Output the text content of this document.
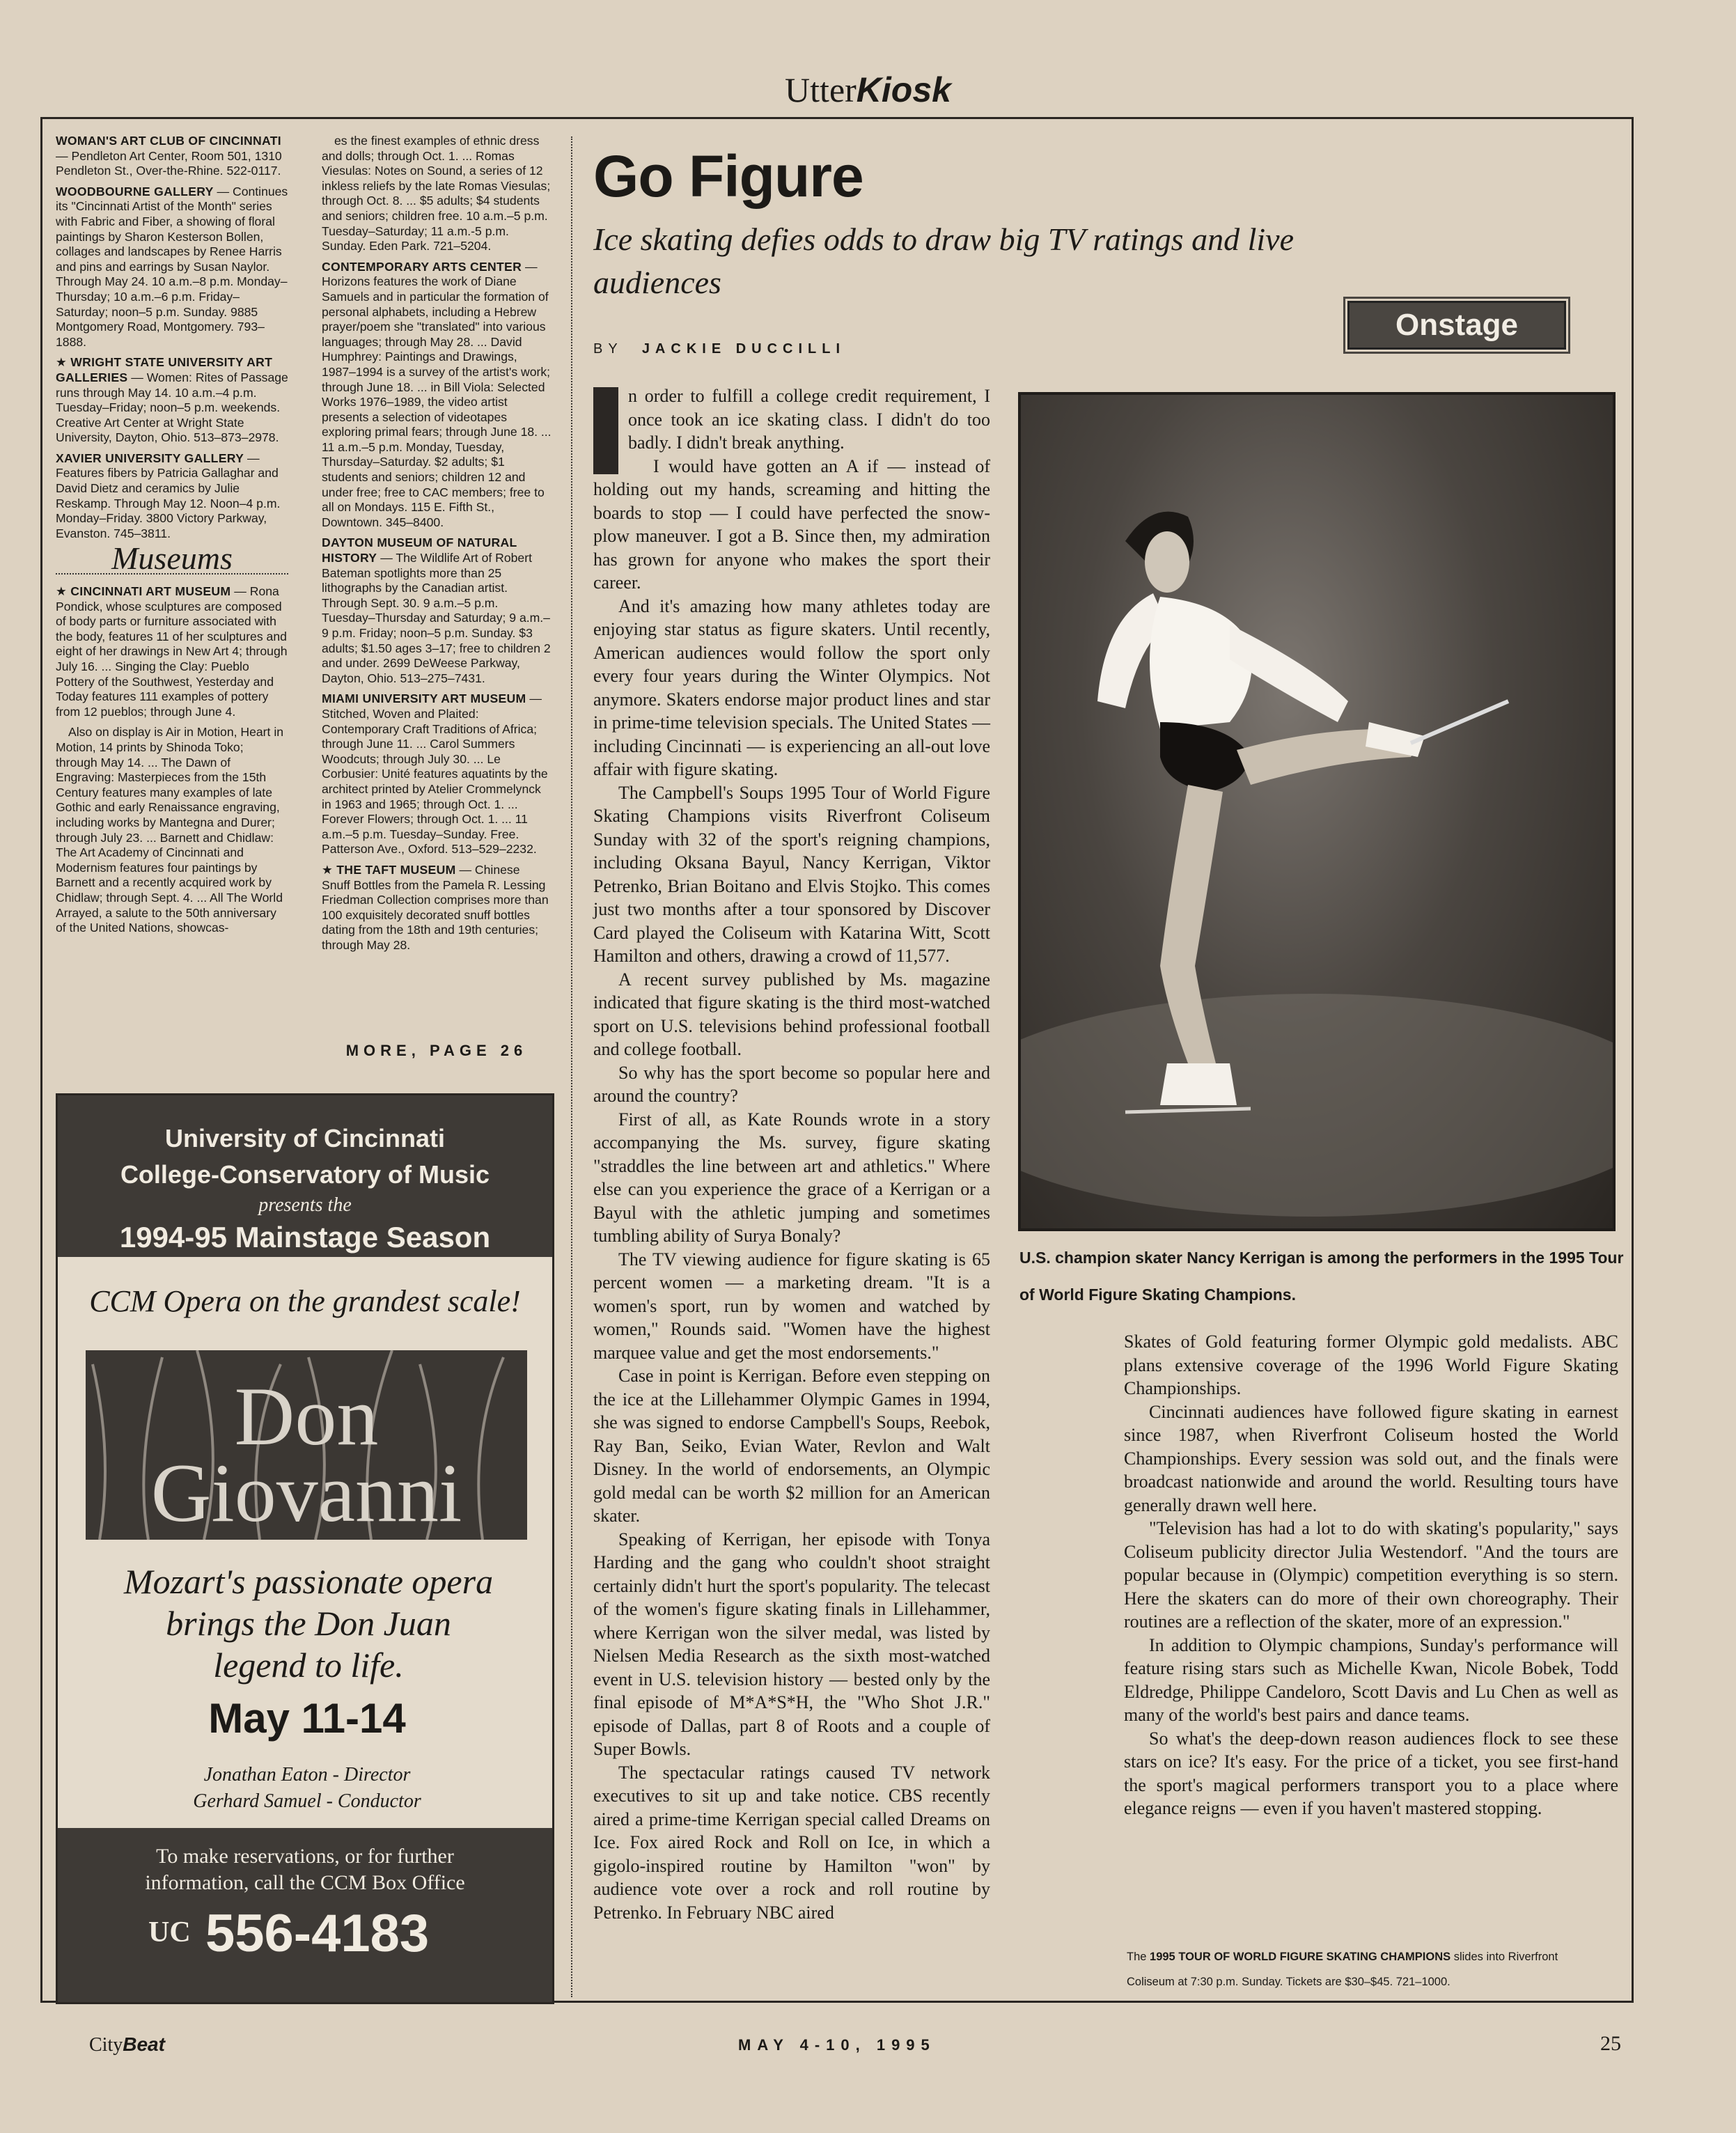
UtterKiosk

WOMAN'S ART CLUB OF CINCINNATI — Pendleton Art Center, Room 501, 1310 Pendleton St., Over-the-Rhine. 522-0117.

WOODBOURNE GALLERY — Continues its "Cincinnati Artist of the Month" series with Fabric and Fiber, a showing of floral paintings by Sharon Kesterson Bollen, collages and landscapes by Renee Harris and pins and earrings by Susan Naylor. Through May 24. 10 a.m.–8 p.m. Monday–Thursday; 10 a.m.–6 p.m. Friday–Saturday; noon–5 p.m. Sunday. 9885 Montgomery Road, Montgomery. 793–1888.

★ WRIGHT STATE UNIVERSITY ART GALLERIES — Women: Rites of Passage runs through May 14. 10 a.m.–4 p.m. Tuesday–Friday; noon–5 p.m. weekends. Creative Art Center at Wright State University, Dayton, Ohio. 513–873–2978.

XAVIER UNIVERSITY GALLERY — Features fibers by Patricia Gallaghar and David Dietz and ceramics by Julie Reskamp. Through May 12. Noon–4 p.m. Monday–Friday. 3800 Victory Parkway, Evanston. 745–3811.

Museums

★ CINCINNATI ART MUSEUM — Rona Pondick, whose sculptures are composed of body parts or furniture associated with the body, features 11 of her sculptures and eight of her drawings in New Art 4; through July 16. ... Singing the Clay: Pueblo Pottery of the Southwest, Yesterday and Today features 111 examples of pottery from 12 pueblos; through June 4.

Also on display is Air in Motion, Heart in Motion, 14 prints by Shinoda Toko; through May 14. ... The Dawn of Engraving: Masterpieces from the 15th Century features many examples of late Gothic and early Renaissance engraving, including works by Mantegna and Durer; through July 23. ... Barnett and Chidlaw: The Art Academy of Cincinnati and Modernism features four paintings by Barnett and a recently acquired work by Chidlaw; through Sept. 4. ... All The World Arrayed, a salute to the 50th anniversary of the United Nations, showcas-

es the finest examples of ethnic dress and dolls; through Oct. 1. ... Romas Viesulas: Notes on Sound, a series of 12 inkless reliefs by the late Romas Viesulas; through Oct. 8. ... $5 adults; $4 students and seniors; children free. 10 a.m.–5 p.m. Tuesday–Saturday; 11 a.m.-5 p.m. Sunday. Eden Park. 721–5204.

CONTEMPORARY ARTS CENTER — Horizons features the work of Diane Samuels and in particular the formation of personal alphabets, including a Hebrew prayer/poem she "translated" into various languages; through May 28. ... David Humphrey: Paintings and Drawings, 1987–1994 is a survey of the artist's work; through June 18. ... in Bill Viola: Selected Works 1976–1989, the video artist presents a selection of videotapes exploring primal fears; through June 18. ... 11 a.m.–5 p.m. Monday, Tuesday, Thursday–Saturday. $2 adults; $1 students and seniors; children 12 and under free; free to CAC members; free to all on Mondays. 115 E. Fifth St., Downtown. 345–8400.

DAYTON MUSEUM OF NATURAL HISTORY — The Wildlife Art of Robert Bateman spotlights more than 25 lithographs by the Canadian artist. Through Sept. 30. 9 a.m.–5 p.m. Tuesday–Thursday and Saturday; 9 a.m.–9 p.m. Friday; noon–5 p.m. Sunday. $3 adults; $1.50 ages 3–17; free to children 2 and under. 2699 DeWeese Parkway, Dayton, Ohio. 513–275–7431.

MIAMI UNIVERSITY ART MUSEUM — Stitched, Woven and Plaited: Contemporary Craft Traditions of Africa; through June 11. ... Carol Summers Woodcuts; through July 30. ... Le Corbusier: Unité features aquatints by the architect printed by Atelier Crommelynck in 1963 and 1965; through Oct. 1. ... Forever Flowers; through Oct. 1. ... 11 a.m.–5 p.m. Tuesday–Sunday. Free. Patterson Ave., Oxford. 513–529–2232.

★ THE TAFT MUSEUM — Chinese Snuff Bottles from the Pamela R. Lessing Friedman Collection comprises more than 100 exquisitely decorated snuff bottles dating from the 18th and 19th centuries; through May 28.

MORE, PAGE 26
Go Figure
Ice skating defies odds to draw big TV ratings and live audiences
BY JACKIE DUCCILLI
Onstage

n order to fulfill a college credit requirement, I once took an ice skating class. I didn't do too badly. I didn't break anything.

I would have gotten an A if — instead of holding out my hands, screaming and hitting the boards to stop — I could have perfected the snow-plow maneuver. I got a B. Since then, my admiration has grown for anyone who makes the sport their career.

And it's amazing how many athletes today are enjoying star status as figure skaters. Until recently, American audiences would follow the sport only every four years during the Winter Olympics. Not anymore. Skaters endorse major product lines and star in prime-time television specials. The United States — including Cincinnati — is experiencing an all-out love affair with figure skating.

The Campbell's Soups 1995 Tour of World Figure Skating Champions visits Riverfront Coliseum Sunday with 32 of the sport's reigning champions, including Oksana Bayul, Nancy Kerrigan, Viktor Petrenko, Brian Boitano and Elvis Stojko. This comes just two months after a tour sponsored by Discover Card played the Coliseum with Katarina Witt, Scott Hamilton and others, drawing a crowd of 11,577.

A recent survey published by Ms. magazine indicated that figure skating is the third most-watched sport on U.S. televisions behind professional football and college football.

So why has the sport become so popular here and around the country?

First of all, as Kate Rounds wrote in a story accompanying the Ms. survey, figure skating "straddles the line between art and athletics." Where else can you experience the grace of a Kerrigan or a Bayul with the athletic jumping and sometimes tumbling ability of Surya Bonaly?

The TV viewing audience for figure skating is 65 percent women — a marketing dream. "It is a women's sport, run by women and watched by women," Rounds said. "Women have the highest marquee value and get the most endorsements."

Case in point is Kerrigan. Before even stepping on the ice at the Lillehammer Olympic Games in 1994, she was signed to endorse Campbell's Soups, Reebok, Ray Ban, Seiko, Evian Water, Revlon and Walt Disney. In the world of endorsements, an Olympic gold medal can be worth $2 million for an American skater.

Speaking of Kerrigan, her episode with Tonya Harding and the gang who couldn't shoot straight certainly didn't hurt the sport's popularity. The telecast of the women's figure skating finals in Lillehammer, where Kerrigan won the silver medal, was listed by Nielsen Media Research as the sixth most-watched event in U.S. television history — bested only by the final episode of M*A*S*H, the "Who Shot J.R." episode of Dallas, part 8 of Roots and a couple of Super Bowls.

The spectacular ratings caused TV network executives to sit up and take notice. CBS recently aired a prime-time Kerrigan special called Dreams on Ice. Fox aired Rock and Roll on Ice, in which a gigolo-inspired routine by Hamilton "won" by audience vote over a rock and roll routine by Petrenko. In February NBC aired

U.S. champion skater Nancy Kerrigan is among the performers in the 1995 Tour of World Figure Skating Champions.

Skates of Gold featuring former Olympic gold medalists. ABC plans extensive coverage of the 1996 World Figure Skating Championships.

Cincinnati audiences have followed figure skating in earnest since 1987, when Riverfront Coliseum hosted the World Championships. Every session was sold out, and the finals were broadcast nationwide and around the world. Resulting tours have generally drawn well here.

"Television has had a lot to do with skating's popularity," says Coliseum publicity director Julia Westendorf. "And the tours are popular because in (Olympic) competition everything is so stern. Here the skaters can do more of their own choreography. Their routines are a reflection of the skater, more of an expression."

In addition to Olympic champions, Sunday's performance will feature rising stars such as Michelle Kwan, Nicole Bobek, Todd Eldredge, Philippe Candeloro, Scott Davis and Lu Chen as well as many of the world's best pairs and dance teams.

So what's the deep-down reason audiences flock to see these stars on ice? It's easy. For the price of a ticket, you see first-hand the sport's magical performers transport you to a place where elegance reigns — even if you haven't mastered stopping.

The 1995 TOUR OF WORLD FIGURE SKATING CHAMPIONS slides into Riverfront Coliseum at 7:30 p.m. Sunday. Tickets are $30–$45. 721–1000.
University of Cincinnati
College-Conservatory of Music
presents the
1994-95 Mainstage Season
CCM Opera on the grandest scale!
Don Giovanni
Mozart's passionate opera brings the Don Juan legend to life.
May 11-14
Jonathan Eaton - Director
Gerhard Samuel - Conductor
To make reservations, or for further information, call the CCM Box Office
UC 556-4183
CityBeat	MAY 4-10, 1995	25
